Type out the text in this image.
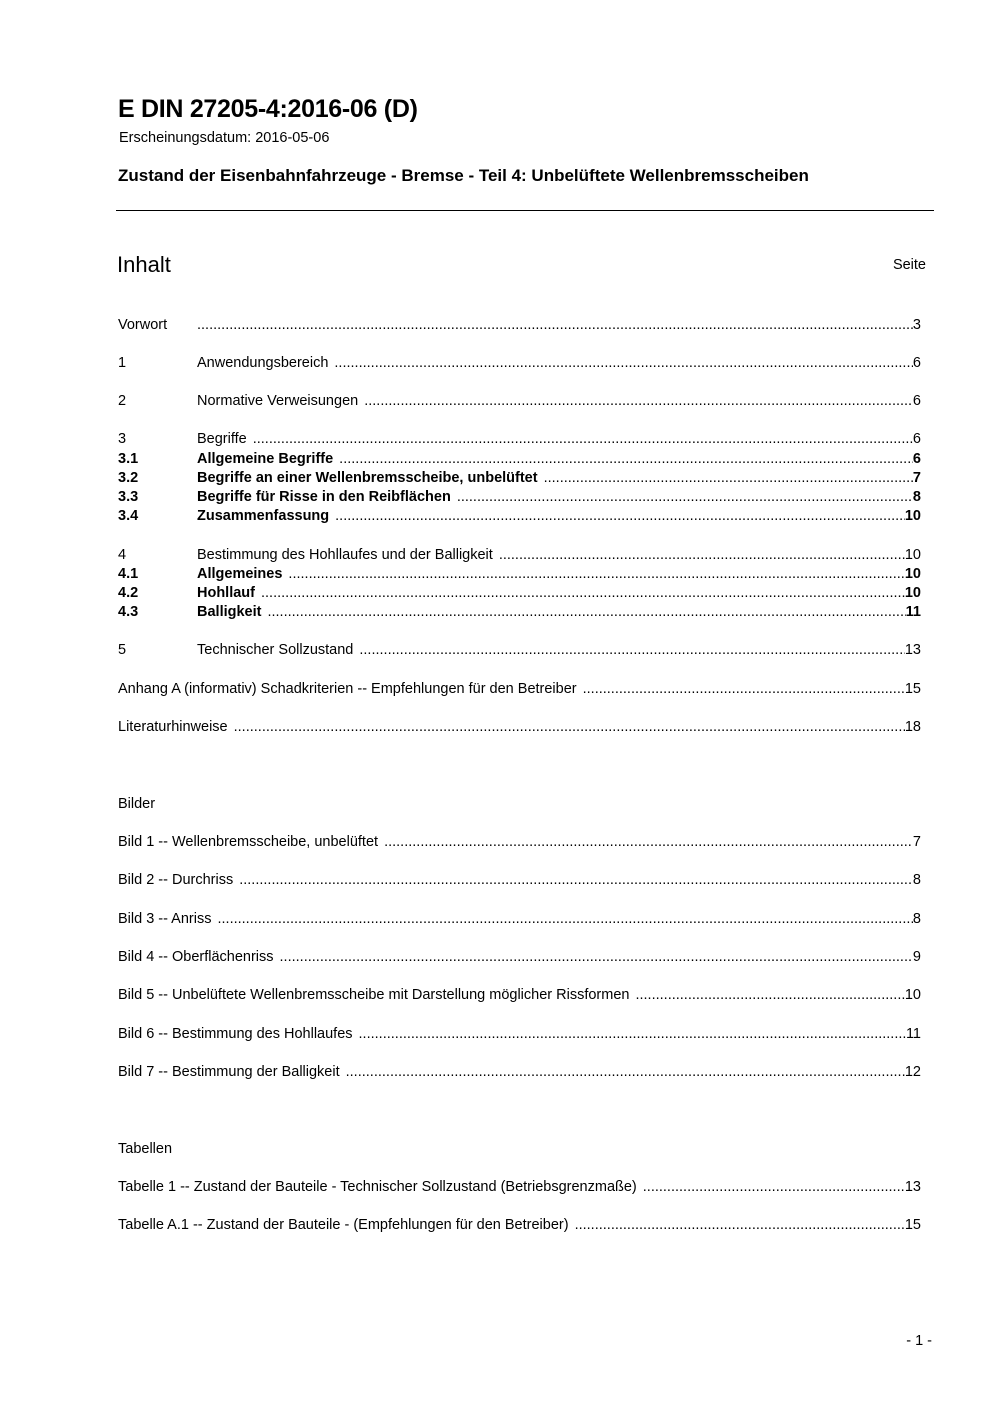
E DIN 27205-4:2016-06 (D)
Erscheinungsdatum: 2016-05-06
Zustand der Eisenbahnfahrzeuge - Bremse - Teil 4: Unbelüftete Wellenbremsscheiben
Inhalt	Seite
Vorwort .....	3
1	Anwendungsbereich .....	6
2	Normative Verweisungen .....	6
3	Begriffe .....	6
3.1	Allgemeine Begriffe .....	6
3.2	Begriffe an einer Wellenbremsscheibe, unbelüftet .....	7
3.3	Begriffe für Risse in den Reibflächen .....	8
3.4	Zusammenfassung .....	10
4	Bestimmung des Hohllaufes und der Balligkeit .....	10
4.1	Allgemeines .....	10
4.2	Hohllauf .....	10
4.3	Balligkeit .....	11
5	Technischer Sollzustand .....	13
Anhang A (informativ) Schadkriterien -- Empfehlungen für den Betreiber .....	15
Literaturhinweise .....	18
Bilder
Bild 1 -- Wellenbremsscheibe, unbelüftet .....	7
Bild 2 -- Durchriss .....	8
Bild 3 -- Anriss .....	8
Bild 4 -- Oberflächenriss .....	9
Bild 5 -- Unbelüftete Wellenbremsscheibe mit Darstellung möglicher Rissformen .....	10
Bild 6 -- Bestimmung des Hohllaufes .....	11
Bild 7 -- Bestimmung der Balligkeit .....	12
Tabellen
Tabelle 1 -- Zustand der Bauteile - Technischer Sollzustand (Betriebsgrenzmaße) .....	13
Tabelle A.1 -- Zustand der Bauteile - (Empfehlungen für den Betreiber) .....	15
- 1 -
